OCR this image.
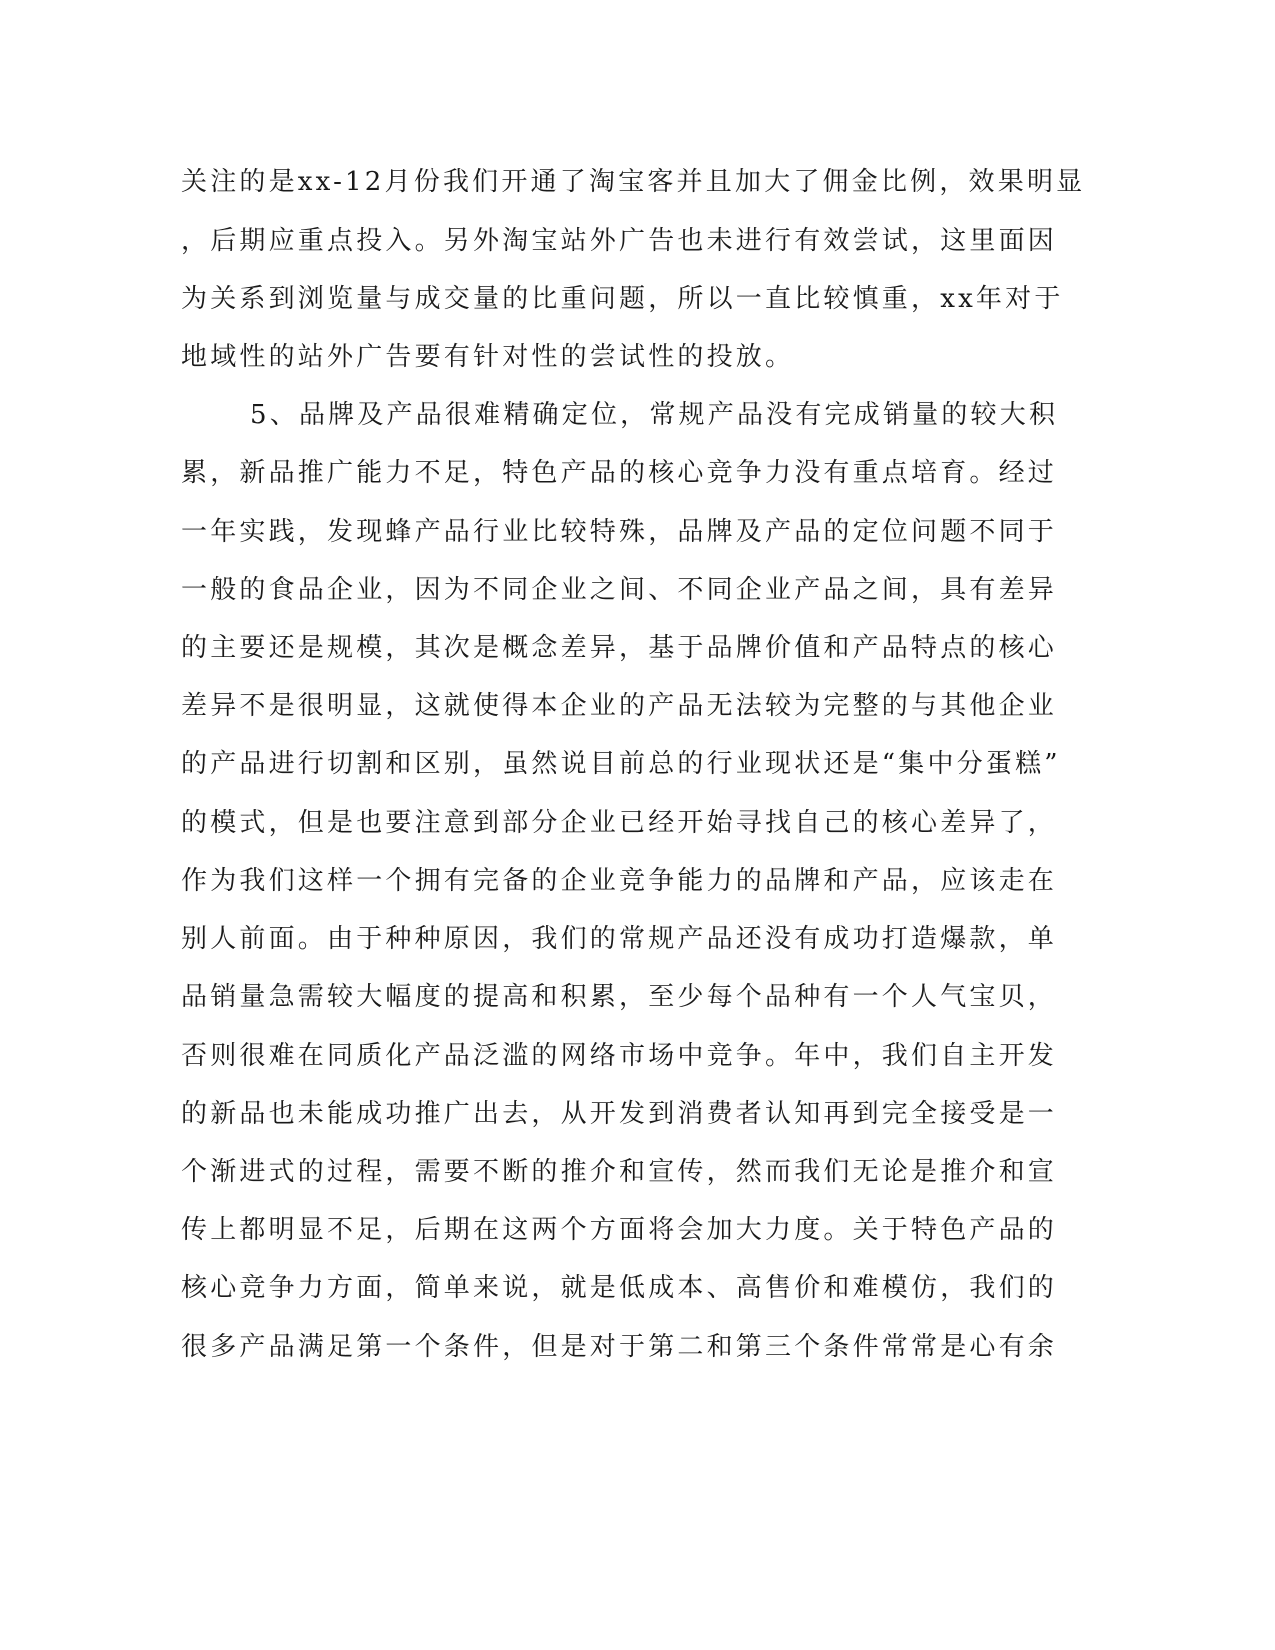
关注的是xx-12月份我们开通了淘宝客并且加大了佣金比例，效果明显
，后期应重点投入。另外淘宝站外广告也未进行有效尝试，这里面因
为关系到浏览量与成交量的比重问题，所以一直比较慎重，xx年对于
地域性的站外广告要有针对性的尝试性的投放。
5、品牌及产品很难精确定位，常规产品没有完成销量的较大积
累，新品推广能力不足，特色产品的核心竞争力没有重点培育。经过
一年实践，发现蜂产品行业比较特殊，品牌及产品的定位问题不同于
一般的食品企业，因为不同企业之间、不同企业产品之间，具有差异
的主要还是规模，其次是概念差异，基于品牌价值和产品特点的核心
差异不是很明显，这就使得本企业的产品无法较为完整的与其他企业
的产品进行切割和区别，虽然说目前总的行业现状还是“集中分蛋糕”
的模式，但是也要注意到部分企业已经开始寻找自己的核心差异了，
作为我们这样一个拥有完备的企业竞争能力的品牌和产品，应该走在
别人前面。由于种种原因，我们的常规产品还没有成功打造爆款，单
品销量急需较大幅度的提高和积累，至少每个品种有一个人气宝贝，
否则很难在同质化产品泛滥的网络市场中竞争。年中，我们自主开发
的新品也未能成功推广出去，从开发到消费者认知再到完全接受是一
个渐进式的过程，需要不断的推介和宣传，然而我们无论是推介和宣
传上都明显不足，后期在这两个方面将会加大力度。关于特色产品的
核心竞争力方面，简单来说，就是低成本、高售价和难模仿，我们的
很多产品满足第一个条件，但是对于第二和第三个条件常常是心有余
